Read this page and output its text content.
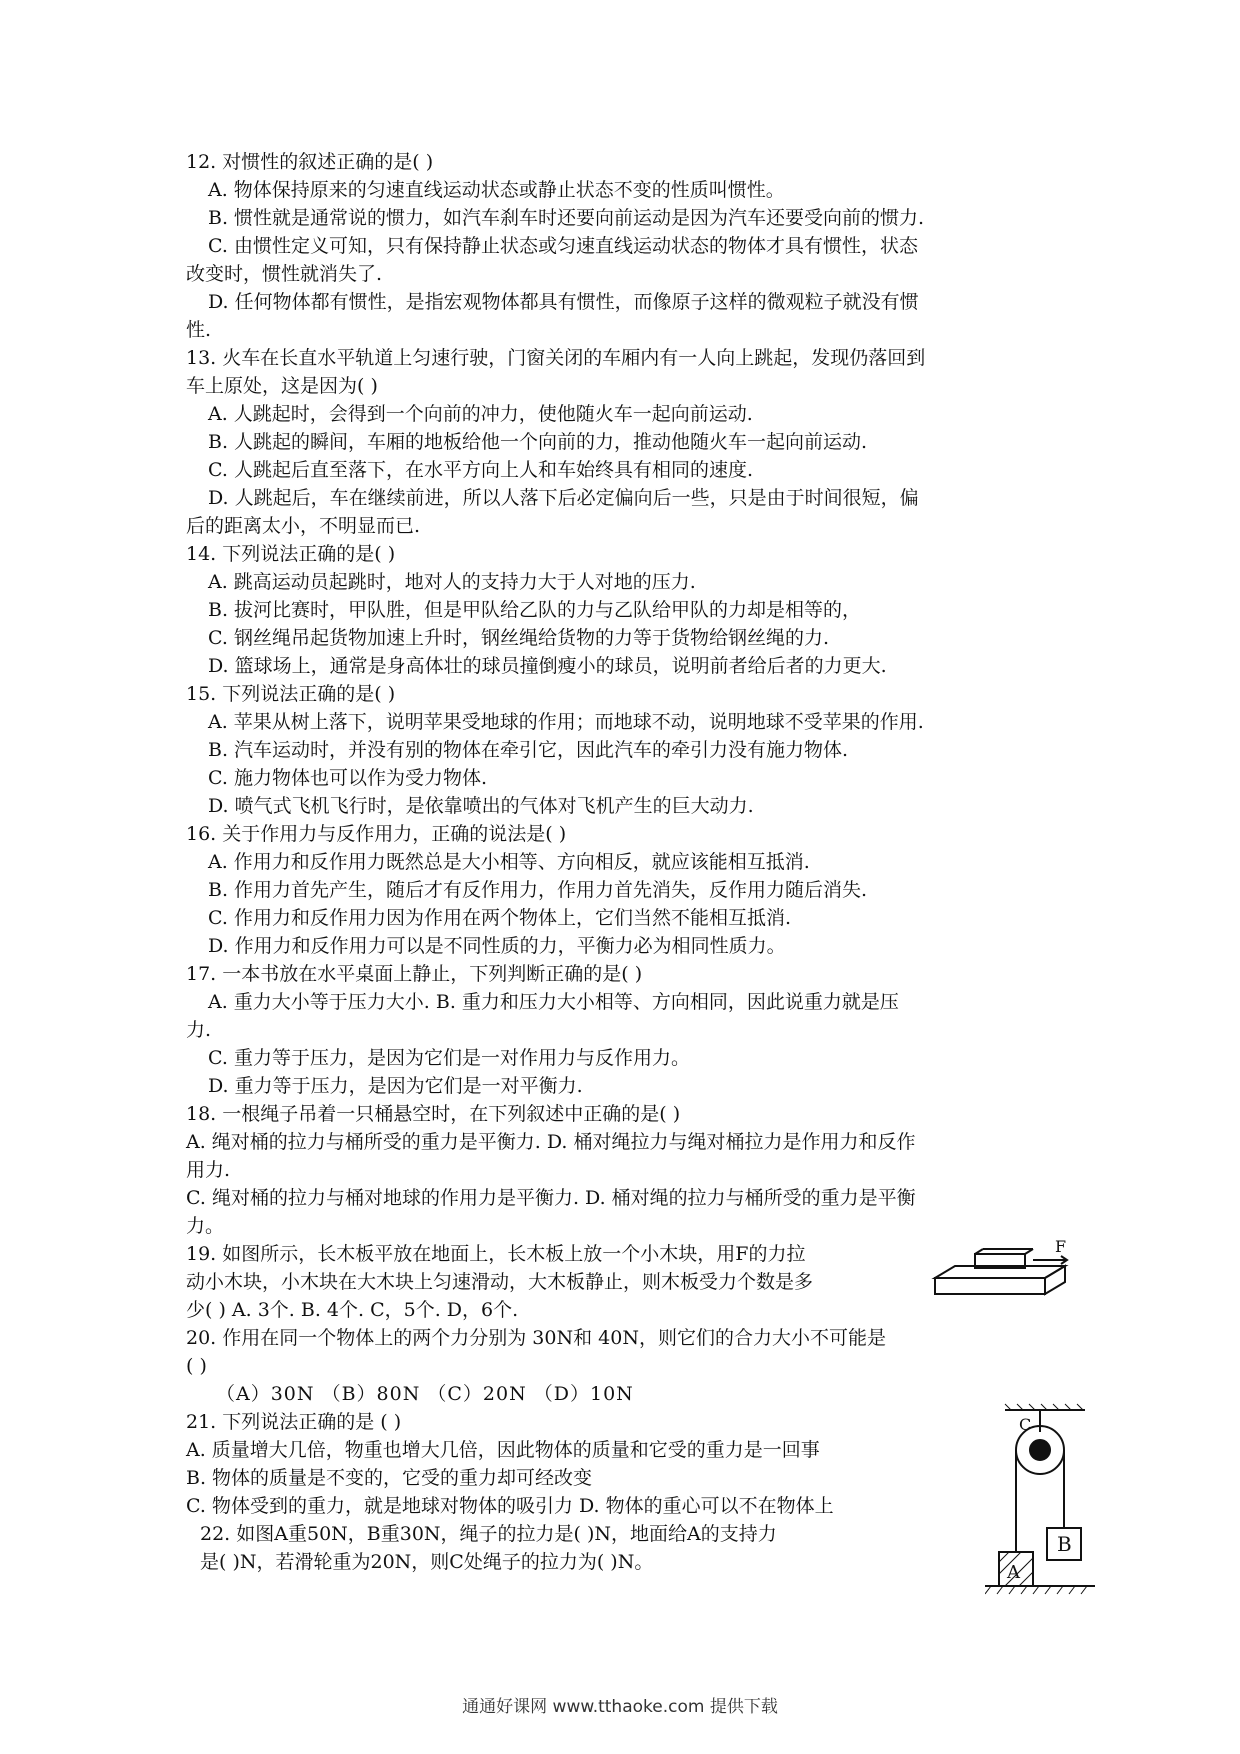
12. 对惯性的叙述正确的是( )
A. 物体保持原来的匀速直线运动状态或静止状态不变的性质叫惯性。
B. 惯性就是通常说的惯力，如汽车刹车时还要向前运动是因为汽车还要受向前的惯力.
C. 由惯性定义可知，只有保持静止状态或匀速直线运动状态的物体才具有惯性，状态
改变时，惯性就消失了.
D. 任何物体都有惯性，是指宏观物体都具有惯性，而像原子这样的微观粒子就没有惯
性.
13. 火车在长直水平轨道上匀速行驶，门窗关闭的车厢内有一人向上跳起，发现仍落回到
车上原处，这是因为( )
A. 人跳起时，会得到一个向前的冲力，使他随火车一起向前运动.
B. 人跳起的瞬间，车厢的地板给他一个向前的力，推动他随火车一起向前运动.
C. 人跳起后直至落下，在水平方向上人和车始终具有相同的速度.
D. 人跳起后，车在继续前进，所以人落下后必定偏向后一些，只是由于时间很短，偏
后的距离太小，不明显而已.
14. 下列说法正确的是( )
A. 跳高运动员起跳时，地对人的支持力大于人对地的压力.
B. 拔河比赛时，甲队胜，但是甲队给乙队的力与乙队给甲队的力却是相等的，
C. 钢丝绳吊起货物加速上升时，钢丝绳给货物的力等于货物给钢丝绳的力.
D. 篮球场上，通常是身高体壮的球员撞倒瘦小的球员，说明前者给后者的力更大.
15. 下列说法正确的是( )
A. 苹果从树上落下，说明苹果受地球的作用；而地球不动，说明地球不受苹果的作用.
B. 汽车运动时，并没有别的物体在牵引它，因此汽车的牵引力没有施力物体.
C. 施力物体也可以作为受力物体.
D. 喷气式飞机飞行时，是依靠喷出的气体对飞机产生的巨大动力.
16. 关于作用力与反作用力，正确的说法是( )
A. 作用力和反作用力既然总是大小相等、方向相反，就应该能相互抵消.
B. 作用力首先产生，随后才有反作用力，作用力首先消失，反作用力随后消失.
C. 作用力和反作用力因为作用在两个物体上，它们当然不能相互抵消.
D. 作用力和反作用力可以是不同性质的力，平衡力必为相同性质力。
17. 一本书放在水平桌面上静止，下列判断正确的是( )
A. 重力大小等于压力大小. B. 重力和压力大小相等、方向相同，因此说重力就是压
力.
C. 重力等于压力，是因为它们是一对作用力与反作用力。
D. 重力等于压力，是因为它们是一对平衡力.
18. 一根绳子吊着一只桶悬空时，在下列叙述中正确的是( )
A. 绳对桶的拉力与桶所受的重力是平衡力. D. 桶对绳拉力与绳对桶拉力是作用力和反作
用力.
C. 绳对桶的拉力与桶对地球的作用力是平衡力. D. 桶对绳的拉力与桶所受的重力是平衡
力。
19. 如图所示，长木板平放在地面上，长木板上放一个小木块，用F的力拉
动小木块，小木块在大木块上匀速滑动，大木板静止，则木板受力个数是多
少( ) A. 3个. B. 4个. C，5个. D，6个.
F
20. 作用在同一个物体上的两个力分别为 30N和 40N，则它们的合力大小不可能是
( )
（A）30N （B）80N （C）20N （D）10N
21. 下列说法正确的是 ( )
A. 质量增大几倍，物重也增大几倍，因此物体的质量和它受的重力是一回事
B. 物体的质量是不变的，它受的重力却可经改变
C. 物体受到的重力，就是地球对物体的吸引力 D. 物体的重心可以不在物体上
22. 如图A重50N，B重30N，绳子的拉力是( )N，地面给A的支持力
是( )N，若滑轮重为20N，则C处绳子的拉力为( )N。
C
B
A
通通好课网 www.tthaoke.com 提供下载
